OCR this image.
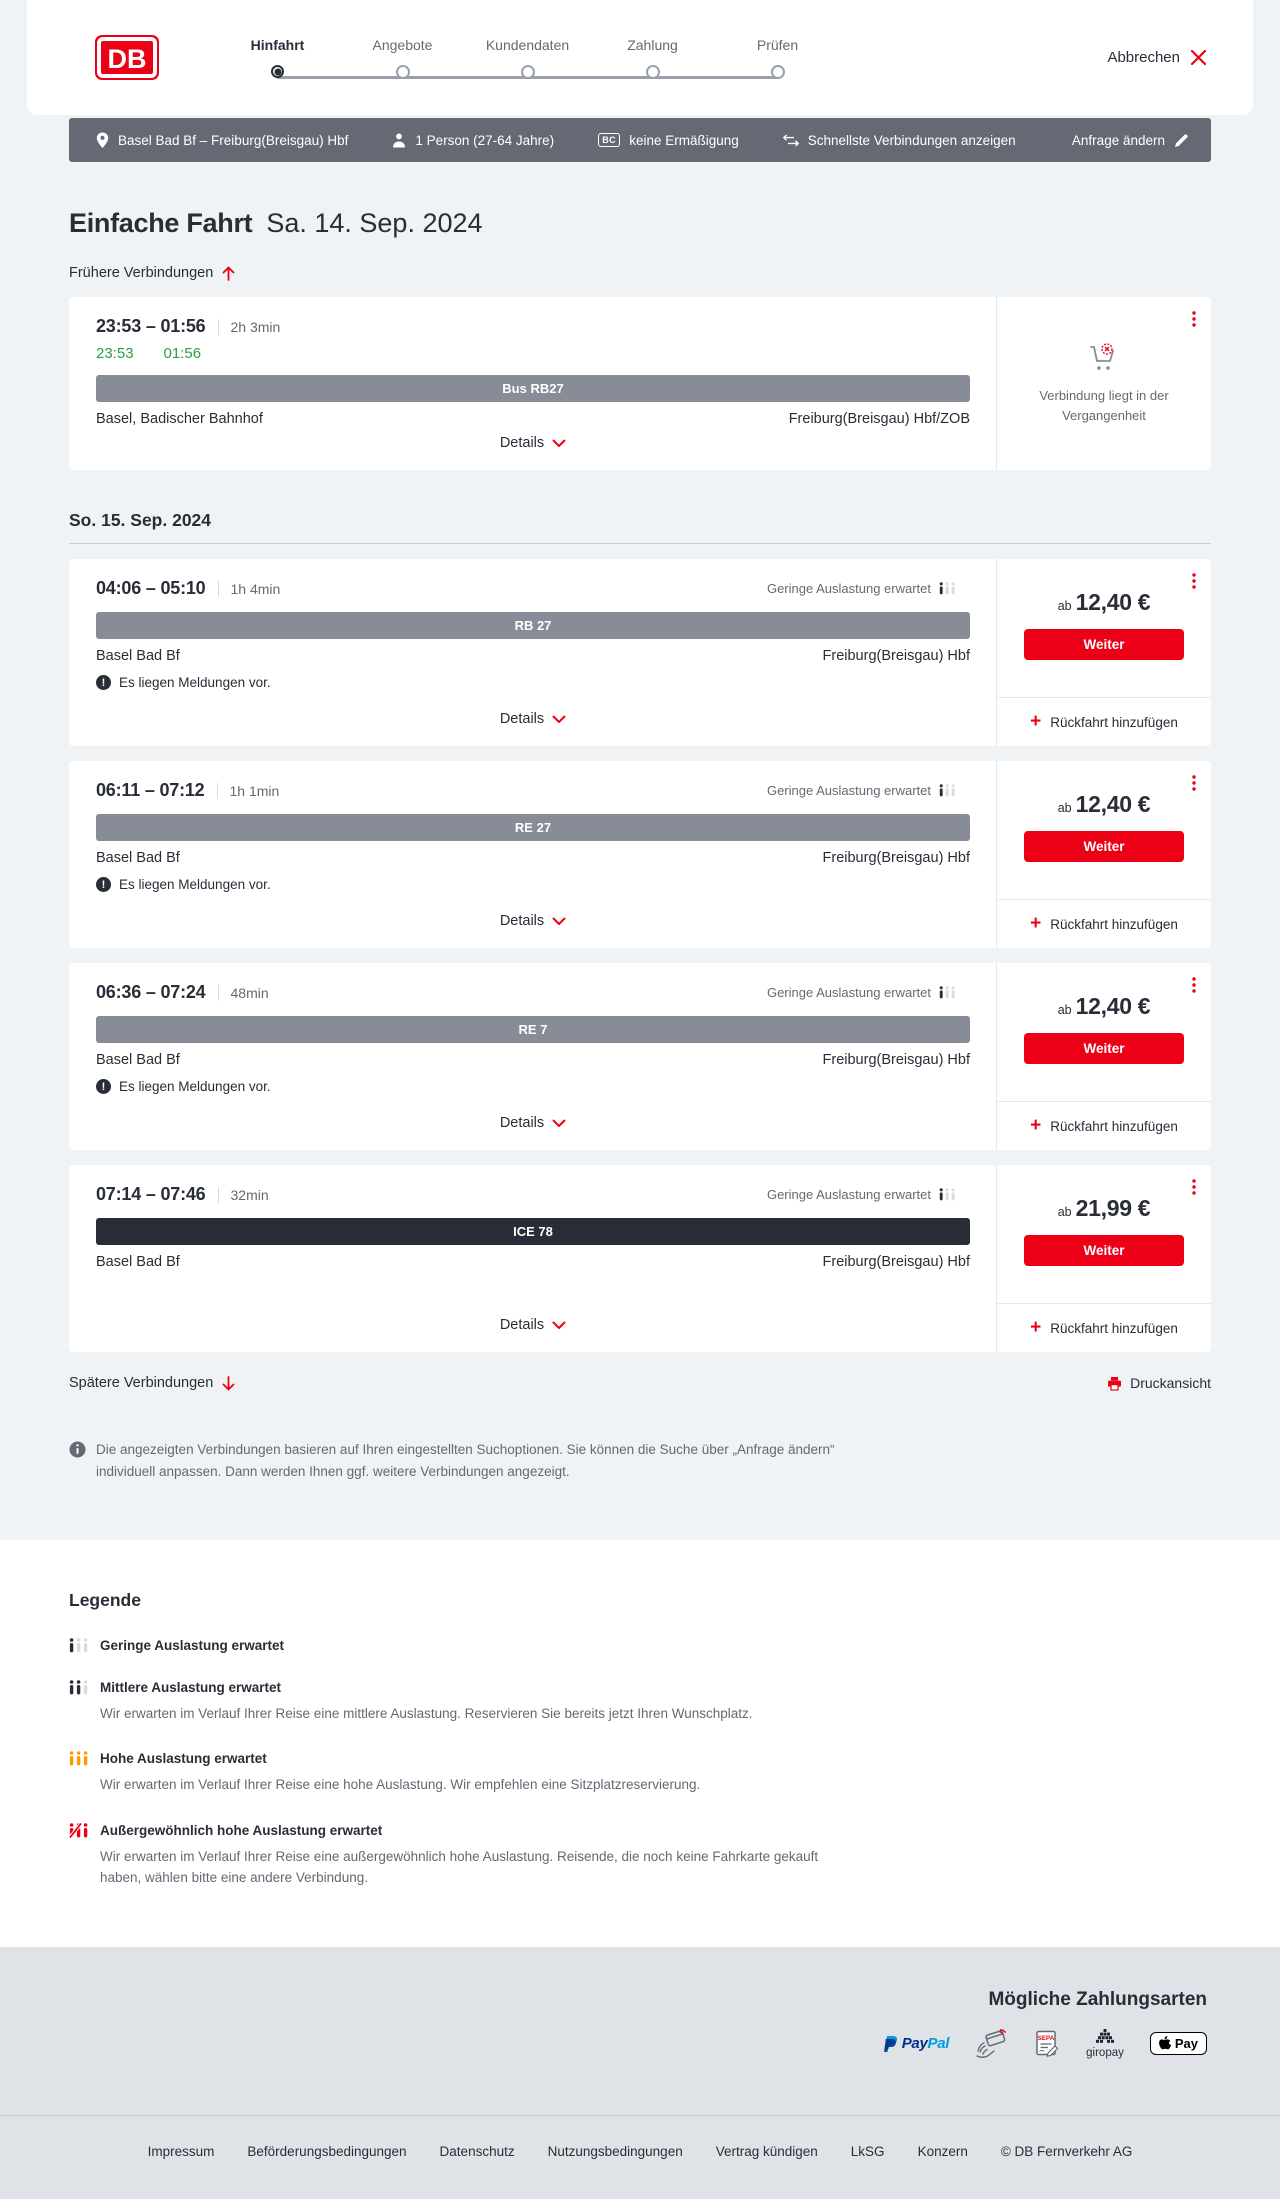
DB	Hinfahrt	Angebote	Kundendaten	Zahlung	Prüfen
Abbrechen
Basel Bad Bf – Freiburg(Breisgau) Hbf	1 Person (27-64 Jahre)	BC keine Ermäßigung	Schnellste Verbindungen anzeigen	Anfrage ändern
Einfache Fahrt Sa. 14. Sep. 2024
Frühere Verbindungen
23:53 – 01:56 2h 3min
23:53 01:56
Bus RB27
Basel, Badischer Bahnhof	Freiburg(Breisgau) Hbf/ZOB
Details
Verbindung liegt in der Vergangenheit
So. 15. Sep. 2024
04:06 – 05:10 1h 4min	Geringe Auslastung erwartet
RB 27
Basel Bad Bf	Freiburg(Breisgau) Hbf
!	Es liegen Meldungen vor.
Details
ab 12,40 €
Weiter
+ Rückfahrt hinzufügen
06:11 – 07:12 1h 1min	Geringe Auslastung erwartet
RE 27
Basel Bad Bf	Freiburg(Breisgau) Hbf
!	Es liegen Meldungen vor.
Details
ab 12,40 €
Weiter
+ Rückfahrt hinzufügen
06:36 – 07:24 48min	Geringe Auslastung erwartet
RE 7
Basel Bad Bf	Freiburg(Breisgau) Hbf
!	Es liegen Meldungen vor.
Details
ab 12,40 €
Weiter
+ Rückfahrt hinzufügen
07:14 – 07:46 32min	Geringe Auslastung erwartet
ICE 78
Basel Bad Bf	Freiburg(Breisgau) Hbf
Details
ab 21,99 €
Weiter
+ Rückfahrt hinzufügen
Spätere Verbindungen	Druckansicht

Die angezeigten Verbindungen basieren auf Ihren eingestellten Suchoptionen. Sie können die Suche über „Anfrage ändern“ individuell anpassen. Dann werden Ihnen ggf. weitere Verbindungen angezeigt.

Legende
Geringe Auslastung erwartet
Mittlere Auslastung erwartet

Wir erwarten im Verlauf Ihrer Reise eine mittlere Auslastung. Reservieren Sie bereits jetzt Ihren Wunschplatz.

Hohe Auslastung erwartet

Wir erwarten im Verlauf Ihrer Reise eine hohe Auslastung. Wir empfehlen eine Sitzplatzreservierung.

Außergewöhnlich hohe Auslastung erwartet

Wir erwarten im Verlauf Ihrer Reise eine außergewöhnlich hohe Auslastung. Reisende, die noch keine Fahrkarte gekauft haben, wählen bitte eine andere Verbindung.

Mögliche Zahlungsarten
PayPal	SEPA
giropay
Pay
Impressum Beförderungsbedingungen Datenschutz Nutzungsbedingungen Vertrag kündigen LkSG Konzern © DB Fernverkehr AG
